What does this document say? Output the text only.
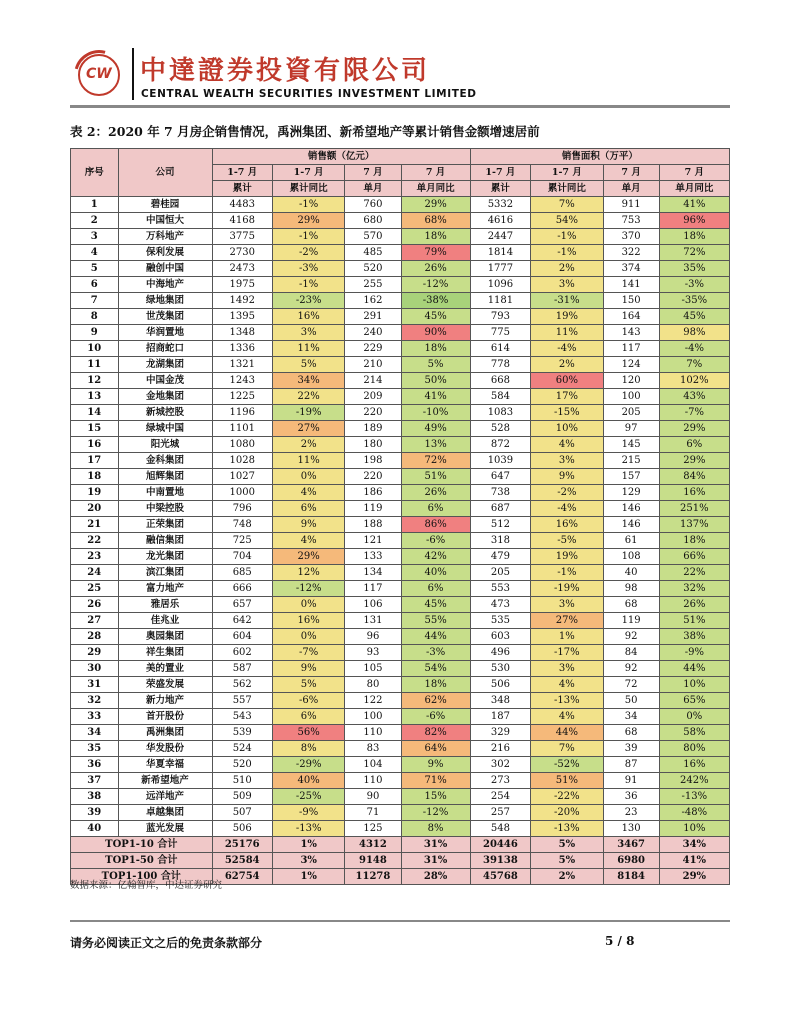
CW 中達證券投資有限公司
CENTRAL WEALTH SECURITIES INVESTMENT LIMITED
表 2：2020 年 7 月房企销售情况，禹洲集团、新希望地产等累计销售金额增速居前
序号	公司	销售额（亿元）				销售面积（万平）			
		1-7 月	1-7 月	7 月	7 月	1-7 月	1-7 月	7 月	7 月
		累计	累计同比	单月	单月同比	累计	累计同比	单月	单月同比
1	碧桂园	4483	-1%	760	29%	5332	7%	911	41%
2	中国恒大	4168	29%	680	68%	4616	54%	753	96%
3	万科地产	3775	-1%	570	18%	2447	-1%	370	18%
4	保利发展	2730	-2%	485	79%	1814	-1%	322	72%
5	融创中国	2473	-3%	520	26%	1777	2%	374	35%
6	中海地产	1975	-1%	255	-12%	1096	3%	141	-3%
7	绿地集团	1492	-23%	162	-38%	1181	-31%	150	-35%
8	世茂集团	1395	16%	291	45%	793	19%	164	45%
9	华润置地	1348	3%	240	90%	775	11%	143	98%
10	招商蛇口	1336	11%	229	18%	614	-4%	117	-4%
11	龙湖集团	1321	5%	210	5%	778	2%	124	7%
12	中国金茂	1243	34%	214	50%	668	60%	120	102%
13	金地集团	1225	22%	209	41%	584	17%	100	43%
14	新城控股	1196	-19%	220	-10%	1083	-15%	205	-7%
15	绿城中国	1101	27%	189	49%	528	10%	97	29%
16	阳光城	1080	2%	180	13%	872	4%	145	6%
17	金科集团	1028	11%	198	72%	1039	3%	215	29%
18	旭辉集团	1027	0%	220	51%	647	9%	157	84%
19	中南置地	1000	4%	186	26%	738	-2%	129	16%
20	中梁控股	796	6%	119	6%	687	-4%	146	251%
21	正荣集团	748	9%	188	86%	512	16%	146	137%
22	融信集团	725	4%	121	-6%	318	-5%	61	18%
23	龙光集团	704	29%	133	42%	479	19%	108	66%
24	滨江集团	685	12%	134	40%	205	-1%	40	22%
25	富力地产	666	-12%	117	6%	553	-19%	98	32%
26	雅居乐	657	0%	106	45%	473	3%	68	26%
27	佳兆业	642	16%	131	55%	535	27%	119	51%
28	奥园集团	604	0%	96	44%	603	1%	92	38%
29	祥生集团	602	-7%	93	-3%	496	-17%	84	-9%
30	美的置业	587	9%	105	54%	530	3%	92	44%
31	荣盛发展	562	5%	80	18%	506	4%	72	10%
32	新力地产	557	-6%	122	62%	348	-13%	50	65%
33	首开股份	543	6%	100	-6%	187	4%	34	0%
34	禹洲集团	539	56%	110	82%	329	44%	68	58%
35	华发股份	524	8%	83	64%	216	7%	39	80%
36	华夏幸福	520	-29%	104	9%	302	-52%	87	16%
37	新希望地产	510	40%	110	71%	273	51%	91	242%
38	远洋地产	509	-25%	90	15%	254	-22%	36	-13%
39	卓越集团	507	-9%	71	-12%	257	-20%	23	-48%
40	蓝光发展	506	-13%	125	8%	548	-13%	130	10%
TOP1-10 合计		25176	1%	4312	31%	20446	5%	3467	34%
TOP1-50 合计		52584	3%	9148	31%	39138	5%	6980	41%
TOP1-100 合计		62754	1%	11278	28%	45768	2%	8184	29%
数据来源：亿翰智库，中达证券研究
请务必阅读正文之后的免责条款部分	5 / 8
